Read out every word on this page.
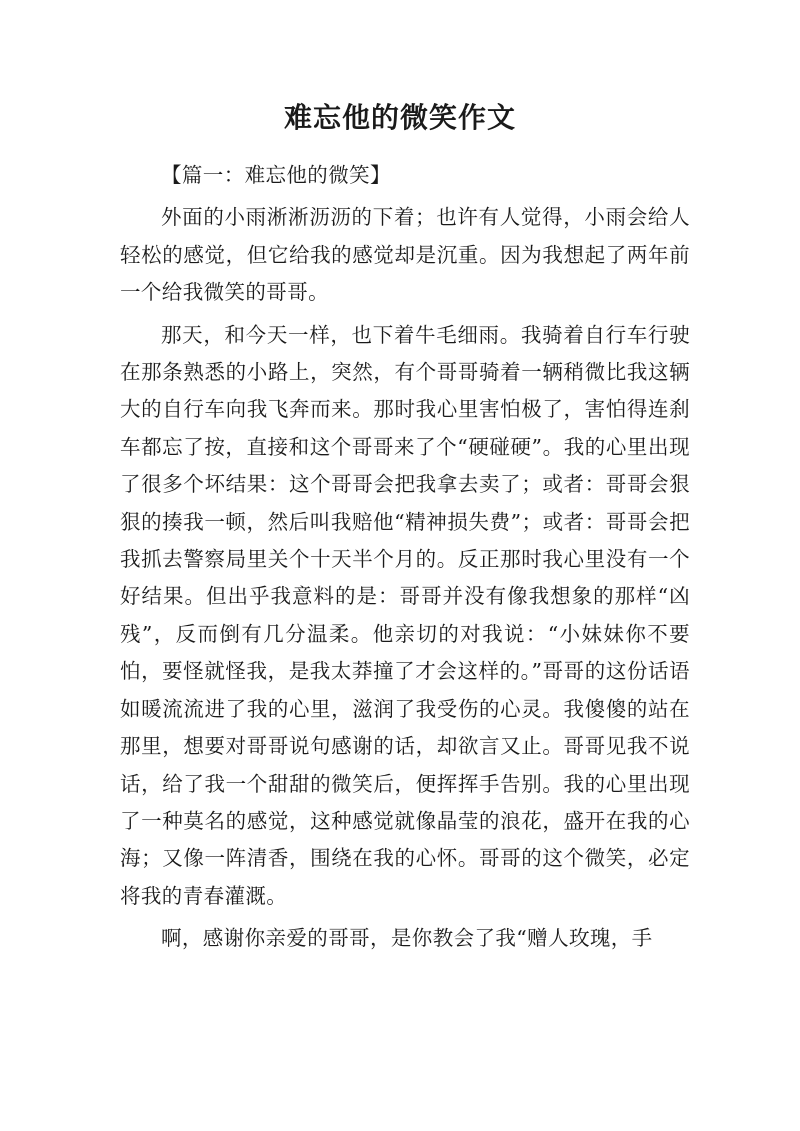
难忘他的微笑作文

【篇一：难忘他的微笑】

外面的小雨淅淅沥沥的下着；也许有人觉得，小雨会给人轻松的感觉，但它给我的感觉却是沉重。因为我想起了两年前一个给我微笑的哥哥。

那天，和今天一样，也下着牛毛细雨。我骑着自行车行驶在那条熟悉的小路上，突然，有个哥哥骑着一辆稍微比我这辆大的自行车向我飞奔而来。那时我心里害怕极了，害怕得连刹车都忘了按，直接和这个哥哥来了个“硬碰硬”。我的心里出现了很多个坏结果：这个哥哥会把我拿去卖了；或者：哥哥会狠狠的揍我一顿，然后叫我赔他“精神损失费”；或者：哥哥会把我抓去警察局里关个十天半个月的。反正那时我心里没有一个好结果。但出乎我意料的是：哥哥并没有像我想象的那样“凶残”，反而倒有几分温柔。他亲切的对我说：“小妹妹你不要怕，要怪就怪我，是我太莽撞了才会这样的。”哥哥的这份话语如暖流流进了我的心里，滋润了我受伤的心灵。我傻傻的站在那里，想要对哥哥说句感谢的话，却欲言又止。哥哥见我不说话，给了我一个甜甜的微笑后，便挥挥手告别。我的心里出现了一种莫名的感觉，这种感觉就像晶莹的浪花，盛开在我的心海；又像一阵清香，围绕在我的心怀。哥哥的这个微笑，必定将我的青春灌溉。

啊，感谢你亲爱的哥哥，是你教会了我“赠人玫瑰，手
